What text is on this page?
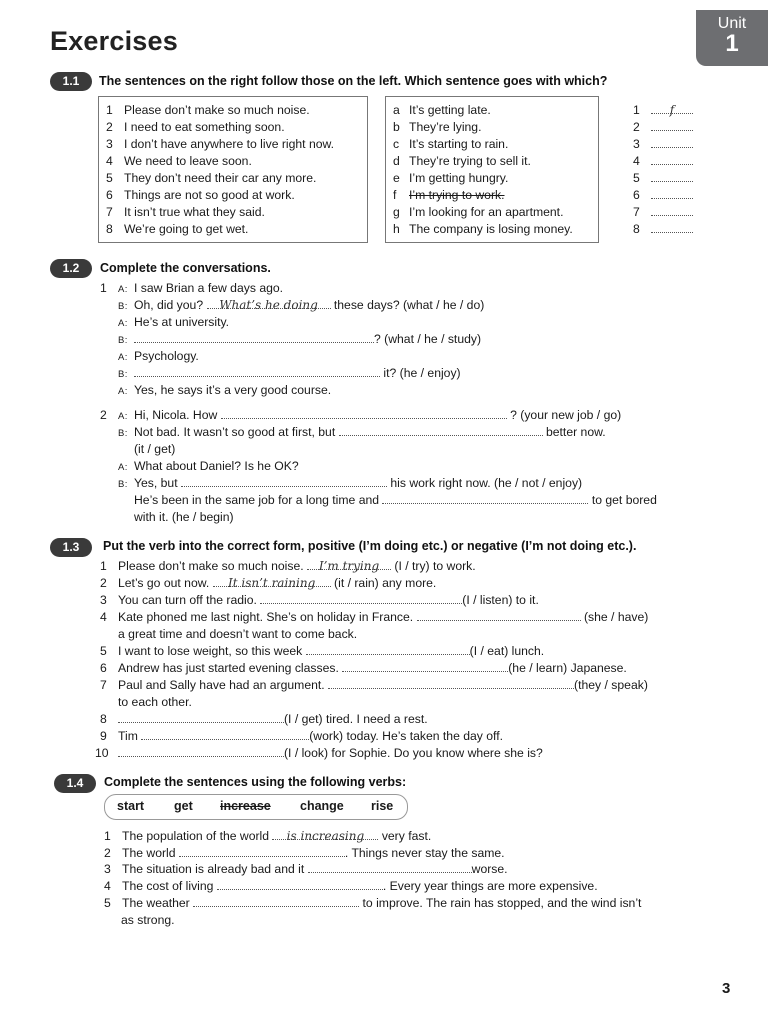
Exercises
Unit
1
1.1	The sentences on the right follow those on the left. Which sentence goes with which?
1 Please don’t make so much noise.
2 I need to eat something soon.
3 I don’t have anywhere to live right now.
4 We need to leave soon.
5 They don’t need their car any more.
6 Things are not so good at work.
7 It isn’t true what they said.
8 We’re going to get wet.
a It’s getting late.
b They’re lying.
c It’s starting to rain.
d They’re trying to sell it.
e I’m getting hungry.
f I’m trying to work.
g I’m looking for an apartment.
h The company is losing money.
1 f
2
3
4
5
6
7
8
1.2	Complete the conversations.
1 A: I saw Brian a few days ago.
B: Oh, did you? What’s he doing these days? (what / he / do)
A: He’s at university.
B:	? (what / he / study)
A: Psychology.
B:	it? (he / enjoy)
A: Yes, he says it’s a very good course.
2 A: Hi, Nicola. How	? (your new job / go)
B: Not bad. It wasn’t so good at first, but	better now.
(it / get)
A: What about Daniel? Is he OK?
B: Yes, but	his work right now. (he / not / enjoy)
He’s been in the same job for a long time and	to get bored
with it. (he / begin)
1.3	Put the verb into the correct form, positive (I’m doing etc.) or negative (I’m not doing etc.).
1 Please don’t make so much noise. I’m trying (I / try) to work.
2 Let’s go out now. It isn’t raining (it / rain) any more.
3 You can turn off the radio.	(I / listen) to it.
4 Kate phoned me last night. She’s on holiday in France.	(she / have)
a great time and doesn’t want to come back.
5 I want to lose weight, so this week	(I / eat) lunch.
6 Andrew has just started evening classes.	(he / learn) Japanese.
7 Paul and Sally have had an argument.	(they / speak)
to each other.
8	(I / get) tired. I need a rest.
9 Tim	(work) today. He’s taken the day off.
10	(I / look) for Sophie. Do you know where she is?
1.4	Complete the sentences using the following verbs:
start get increase change rise
1 The population of the world is increasing very fast.
2 The world	. Things never stay the same.
3 The situation is already bad and it	worse.
4 The cost of living	. Every year things are more expensive.
5 The weather	to improve. The rain has stopped, and the wind isn’t
as strong.
3
